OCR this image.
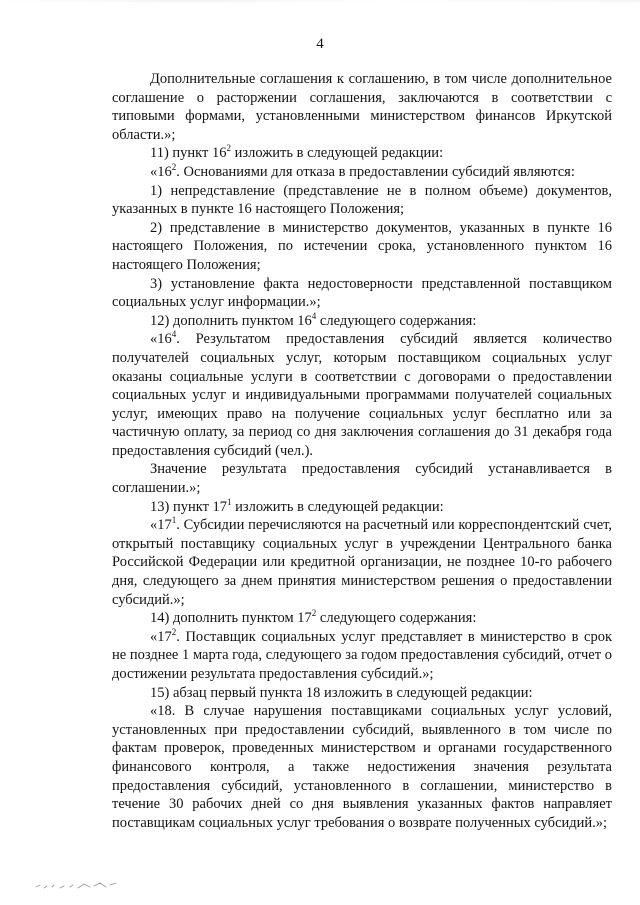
4

Дополнительные соглашения к соглашению, в том числе дополнительное соглашение о расторжении соглашения, заключаются в соответствии с типовыми формами, установленными министерством финансов Иркутской области.»;

11) пункт $16^2$ изложить в следующей редакции:

«$16^2$. Основаниями для отказа в предоставлении субсидий являются:

1) непредставление (представление не в полном объеме) документов, указанных в пункте 16 настоящего Положения;

2) представление в министерство документов, указанных в пункте 16 настоящего Положения, по истечении срока, установленного пунктом 16 настоящего Положения;

3) установление факта недостоверности представленной поставщиком социальных услуг информации.»;

12) дополнить пунктом $16^4$ следующего содержания:

«$16^4$. Результатом предоставления субсидий является количество получателей социальных услуг, которым поставщиком социальных услуг оказаны социальные услуги в соответствии с договорами о предоставлении социальных услуг и индивидуальными программами получателей социальных услуг, имеющих право на получение социальных услуг бесплатно или за частичную оплату, за период со дня заключения соглашения до 31 декабря года предоставления субсидий (чел.).

Значение результата предоставления субсидий устанавливается в соглашении.»;

13) пункт $17^1$ изложить в следующей редакции:

«$17^1$. Субсидии перечисляются на расчетный или корреспондентский счет, открытый поставщику социальных услуг в учреждении Центрального банка Российской Федерации или кредитной организации, не позднее 10-го рабочего дня, следующего за днем принятия министерством решения о предоставлении субсидий.»;

14) дополнить пунктом $17^2$ следующего содержания:

«$17^2$. Поставщик социальных услуг представляет в министерство в срок не позднее 1 марта года, следующего за годом предоставления субсидий, отчет о достижении результата предоставления субсидий.»;

15) абзац первый пункта 18 изложить в следующей редакции:

«18. В случае нарушения поставщиками социальных услуг условий, установленных при предоставлении субсидий, выявленного в том числе по фактам проверок, проведенных министерством и органами государственного финансового контроля, а также недостижения значения результата предоставления субсидий, установленного в соглашении, министерство в течение 30 рабочих дней со дня выявления указанных фактов направляет поставщикам социальных услуг требования о возврате полученных субсидий.»;
